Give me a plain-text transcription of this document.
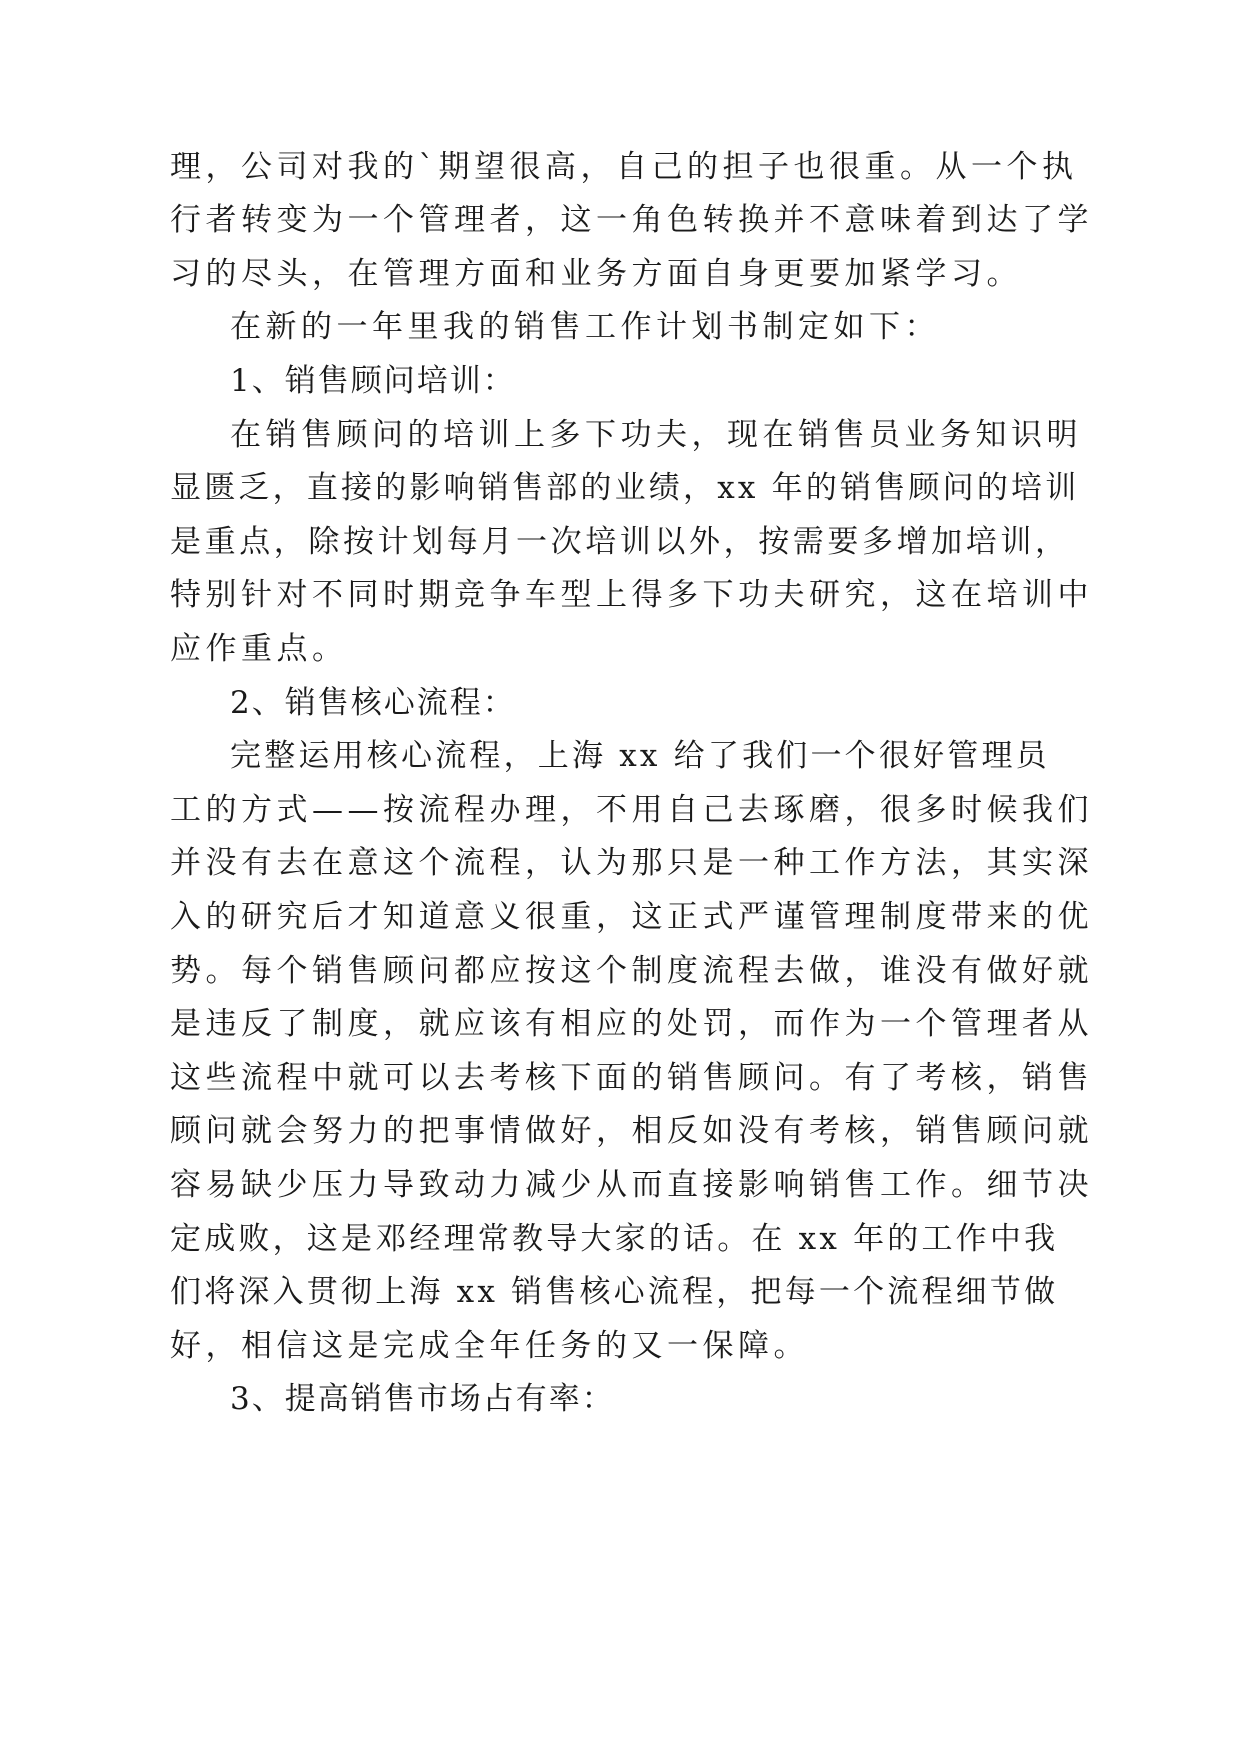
理，公司对我的`期望很高，自己的担子也很重。从一个执
行者转变为一个管理者，这一角色转换并不意味着到达了学
习的尽头，在管理方面和业务方面自身更要加紧学习。
在新的一年里我的销售工作计划书制定如下：
1、销售顾问培训：
在销售顾问的培训上多下功夫，现在销售员业务知识明
显匮乏，直接的影响销售部的业绩，xx 年的销售顾问的培训
是重点，除按计划每月一次培训以外，按需要多增加培训，
特别针对不同时期竞争车型上得多下功夫研究，这在培训中
应作重点。
2、销售核心流程：
完整运用核心流程，上海 xx 给了我们一个很好管理员
工的方式——按流程办理，不用自己去琢磨，很多时候我们
并没有去在意这个流程，认为那只是一种工作方法，其实深
入的研究后才知道意义很重，这正式严谨管理制度带来的优
势。每个销售顾问都应按这个制度流程去做，谁没有做好就
是违反了制度，就应该有相应的处罚，而作为一个管理者从
这些流程中就可以去考核下面的销售顾问。有了考核，销售
顾问就会努力的把事情做好，相反如没有考核，销售顾问就
容易缺少压力导致动力减少从而直接影响销售工作。细节决
定成败，这是邓经理常教导大家的话。在 xx 年的工作中我
们将深入贯彻上海 xx 销售核心流程，把每一个流程细节做
好，相信这是完成全年任务的又一保障。
3、提高销售市场占有率：
